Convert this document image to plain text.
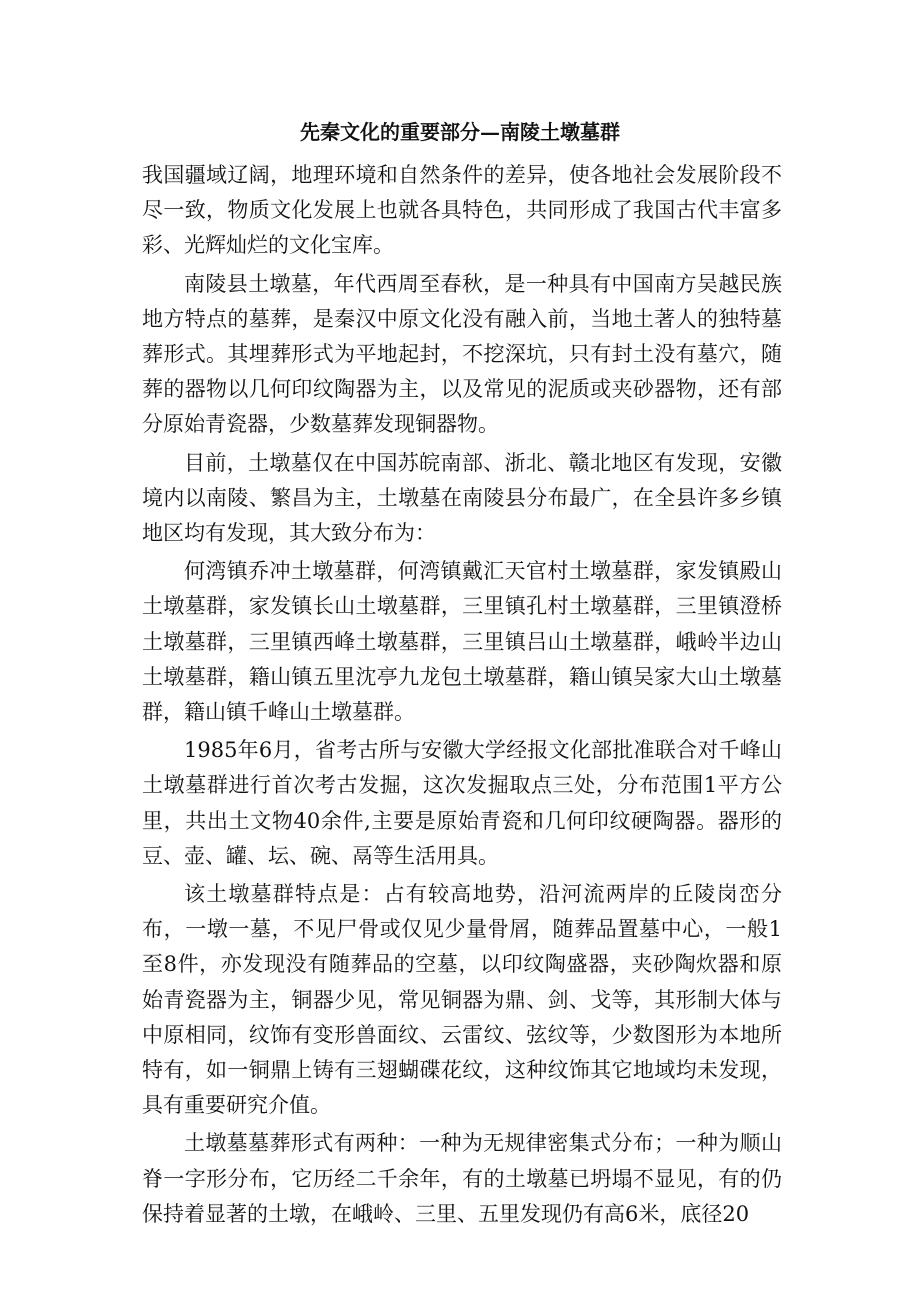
先秦文化的重要部分—南陵土墩墓群

我国疆域辽阔，地理环境和自然条件的差异，使各地社会发展阶段不尽一致，物质文化发展上也就各具特色，共同形成了我国古代丰富多彩、光辉灿烂的文化宝库。

南陵县土墩墓，年代西周至春秋，是一种具有中国南方吴越民族地方特点的墓葬，是秦汉中原文化没有融入前，当地土著人的独特墓葬形式。其埋葬形式为平地起封，不挖深坑，只有封土没有墓穴，随葬的器物以几何印纹陶器为主，以及常见的泥质或夹砂器物，还有部分原始青瓷器，少数墓葬发现铜器物。

目前，土墩墓仅在中国苏皖南部、浙北、赣北地区有发现，安徽境内以南陵、繁昌为主，土墩墓在南陵县分布最广，在全县许多乡镇地区均有发现，其大致分布为：

何湾镇乔冲土墩墓群，何湾镇戴汇天官村土墩墓群，家发镇殿山土墩墓群，家发镇长山土墩墓群，三里镇孔村土墩墓群，三里镇澄桥土墩墓群，三里镇西峰土墩墓群，三里镇吕山土墩墓群，峨岭半边山土墩墓群，籍山镇五里沈亭九龙包土墩墓群，籍山镇吴家大山土墩墓群，籍山镇千峰山土墩墓群。

1985年6月，省考古所与安徽大学经报文化部批准联合对千峰山土墩墓群进行首次考古发掘，这次发掘取点三处，分布范围1平方公里，共出土文物40余件,主要是原始青瓷和几何印纹硬陶器。器形的豆、壶、罐、坛、碗、鬲等生活用具。

该土墩墓群特点是：占有较高地势，沿河流两岸的丘陵岗峦分布，一墩一墓，不见尸骨或仅见少量骨屑，随葬品置墓中心，一般1至8件，亦发现没有随葬品的空墓，以印纹陶盛器，夹砂陶炊器和原始青瓷器为主，铜器少见，常见铜器为鼎、剑、戈等，其形制大体与中原相同，纹饰有变形兽面纹、云雷纹、弦纹等，少数图形为本地所特有，如一铜鼎上铸有三翅蝴碟花纹，这种纹饰其它地域均未发现，具有重要研究介值。

土墩墓墓葬形式有两种：一种为无规律密集式分布；一种为顺山脊一字形分布，它历经二千余年，有的土墩墓已坍塌不显见，有的仍保持着显著的土墩，在峨岭、三里、五里发现仍有高6米，底径20
